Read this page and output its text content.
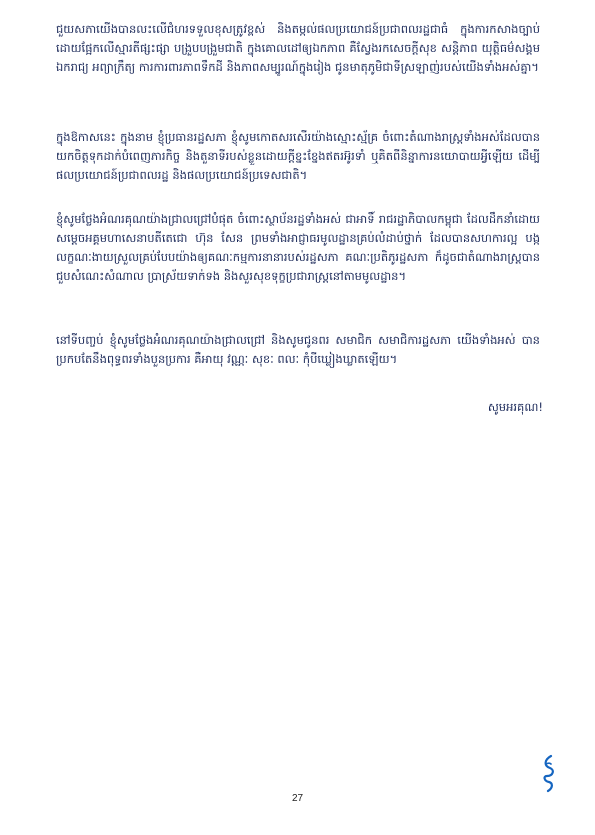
ជួ​យ​សភា​យើង​បាន​លះ​លើ​ជំហរ​ទទួល​ខុស​ត្រូវ​ខ្ពស់ និង​តម្កល់​ផល​ប្រយោជន៍​ប្រជាពលរដ្ឋ​ជាធំ ក្នុង​ការ​កសាង​ច្បាប់​ដោយ​ផ្អែក​លើ​ស្មារតី​ផ្សះផ្សា បង្រួបបង្រួម​ជាតិ ក្នុង​គោលដៅ​ឲ្យ​ឯកភាព គឺ​ស្វែង​រក​សេចក្តី​សុខ សន្តិភាព យុត្តិធម៌​សង្គម ឯករាជ្យ អព្យាក្រឹត្យ ការ​ការពារ​ភាព​ទឹក​ដី និង​ភាព​សម្បូរ​ណ៍​ក្នុង​រៀង ជូន​មាតុភូមិ​ជាទី​ស្រឡាញ់​របស់​យើង​ទាំង​អស់​គ្នា។

ក្នុង​ឱកាស​នេះ ក្នុង​នាម ខ្ញុំ​ប្រធាន​រដ្ឋសភា ខ្ញុំ​សូម​កោតសរសើរ​យ៉ាង​ស្មោះស្ម័គ្រ ចំពោះ​តំណាង​រាស្ត្រ​ទាំង​អស់​ដែល​បាន​យក​ចិត្ត​ទុក​ដាក់​បំពេញ​ភារកិច្ច និង​តួនាទី​របស់​ខ្លួន​ដោយ​ក្តី​ខ្នះខ្នែង​ឥត​រអ៊ូរទាំ ឬ​គិត​ពី​និន្នាការ​នយោបាយ​អ្វី​ឡើយ ដើម្បី​ផល​ប្រយោជន៍​ប្រជាពលរដ្ឋ និង​ផល​ប្រយោជន៍​ប្រទេស​ជាតិ។

ខ្ញុំ​សូម​ថ្លែង​អំណរគុណ​យ៉ាង​ជ្រាល​ជ្រៅ​បំផុត ចំពោះ​ស្ថាប័ន​រដ្ឋ​ទាំង​អស់ ជា​អាទិ៍ រាជរដ្ឋាភិបាល​កម្ពុជា ដែល​ដឹក​នាំ​ដោយ សម្តេច​អគ្គមហាសេនាបតី​តេជោ ហ៊ុន សែន ព្រម​ទាំង​អាជ្ញាធរ​មូលដ្ឋាន​គ្រប់​លំដាប់​ថ្នាក់ ដែល​បាន​សហការ​ល្អ បង្កលក្ខណៈ​ងាយស្រួល​គ្រប់​បែប​យ៉ាង​ឲ្យ​គណៈកម្មការ​នានា​របស់​រដ្ឋសភា គណៈប្រតិភូ​រដ្ឋសភា ក៏​ដូច​ជា​តំណាង​រាស្ត្រ​បាន​ជួប​សំណេះសំណាល ប្រាស្រ័យ​ទាក់ទង និង​សួរ​សុខទុក្ខ​ប្រជារាស្ត្រ​នៅ​តាម​មូលដ្ឋាន។

នៅ​ទីបញ្ចប់ ខ្ញុំ​សូម​ថ្លែង​អំណរគុណ​យ៉ាង​ជ្រាល​ជ្រៅ និង​សូម​ជូន​ពរ សមាជិក សមាជិកា​រដ្ឋសភា យើង​ទាំង​អស់ បាន​ប្រកប​តែ​នឹង​ពុទ្ធពរ​ទាំង​បួន​ប្រការ គឺ​អាយុ វណ្ណៈ សុខៈ ពលៈ កុំបី​ឃ្លៀងឃ្លាត​ឡើយ។

សូម​អរគុណ!
27
